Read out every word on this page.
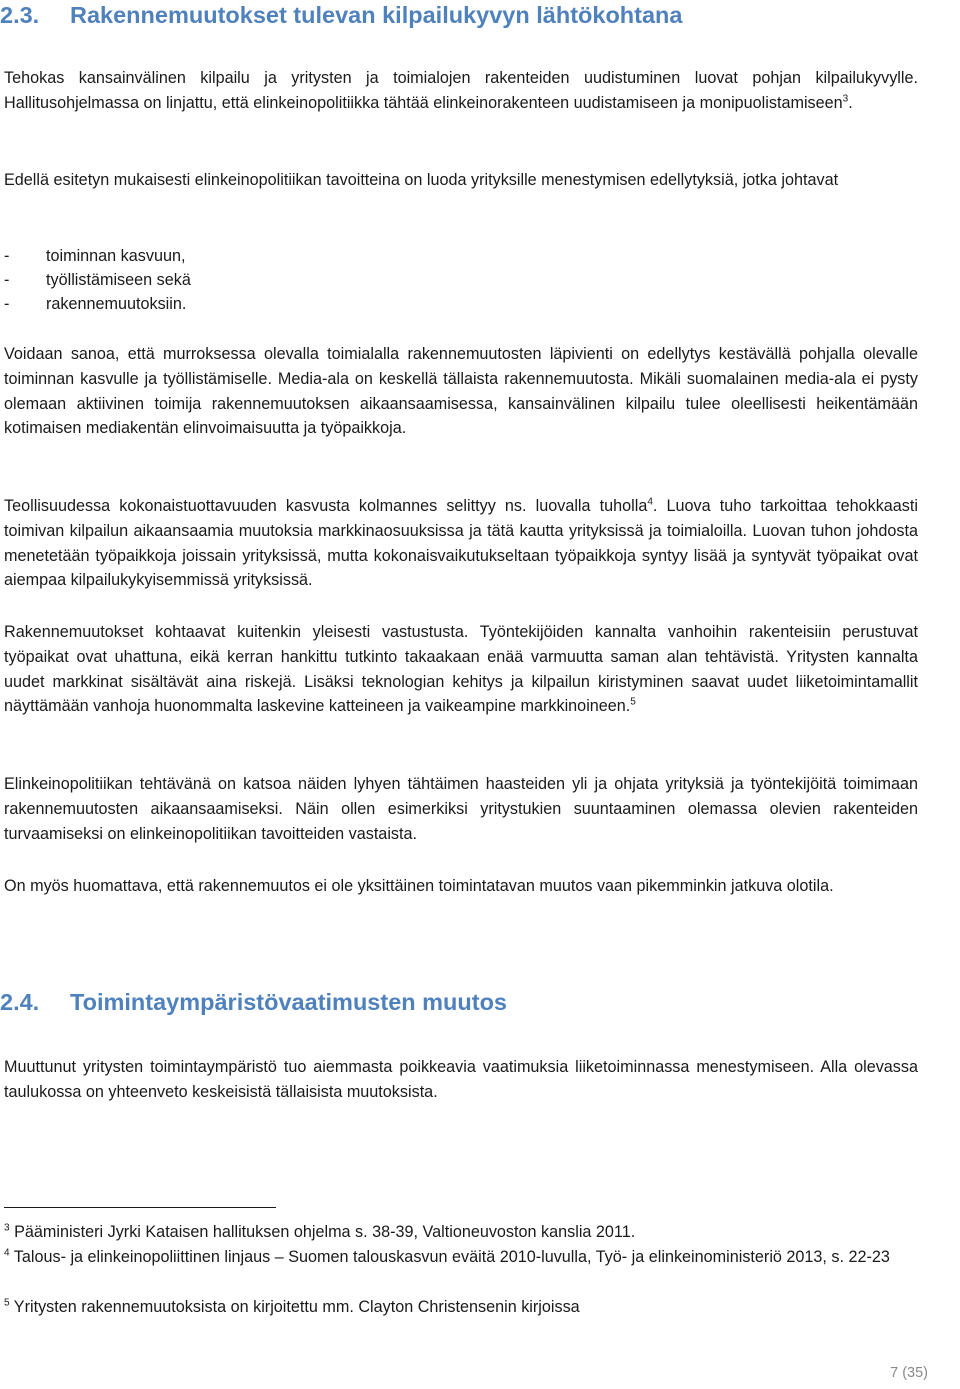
2.3. Rakennemuutokset tulevan kilpailukyvyn lähtökohtana

Tehokas kansainvälinen kilpailu ja yritysten ja toimialojen rakenteiden uudistuminen luovat pohjan kilpailukyvylle. Hallitusohjelmassa on linjattu, että elinkeinopolitiikka tähtää elinkeinorakenteen uudistamiseen ja monipuolistamiseen$^3$.

Edellä esitetyn mukaisesti elinkeinopolitiikan tavoitteina on luoda yrityksille menestymisen edellytyksiä, jotka johtavat

- toiminnan kasvuun,
- työllistämiseen sekä
- rakennemuutoksiin.

Voidaan sanoa, että murroksessa olevalla toimialalla rakennemuutosten läpivienti on edellytys kestävällä pohjalla olevalle toiminnan kasvulle ja työllistämiselle. Media-ala on keskellä tällaista rakennemuutosta. Mikäli suomalainen media-ala ei pysty olemaan aktiivinen toimija rakennemuutoksen aikaansaamisessa, kansainvälinen kilpailu tulee oleellisesti heikentämään kotimaisen mediakentän elinvoimaisuutta ja työpaikkoja.

Teollisuudessa kokonaistuottavuuden kasvusta kolmannes selittyy ns. luovalla tuholla$^4$. Luova tuho tarkoittaa tehokkaasti toimivan kilpailun aikaansaamia muutoksia markkinaosuuksissa ja tätä kautta yrityksissä ja toimialoilla. Luovan tuhon johdosta menetetään työpaikkoja joissain yrityksissä, mutta kokonaisvaikutukseltaan työpaikkoja syntyy lisää ja syntyvät työpaikat ovat aiempaa kilpailukykyisemmissä yrityksissä.

Rakennemuutokset kohtaavat kuitenkin yleisesti vastustusta. Työntekijöiden kannalta vanhoihin rakenteisiin perustuvat työpaikat ovat uhattuna, eikä kerran hankittu tutkinto takaakaan enää varmuutta saman alan tehtävistä. Yritysten kannalta uudet markkinat sisältävät aina riskejä. Lisäksi teknologian kehitys ja kilpailun kiristyminen saavat uudet liiketoimintamallit näyttämään vanhoja huonommalta laskevine katteineen ja vaikeampine markkinoineen.$^5$

Elinkeinopolitiikan tehtävänä on katsoa näiden lyhyen tähtäimen haasteiden yli ja ohjata yrityksiä ja työntekijöitä toimimaan rakennemuutosten aikaansaamiseksi. Näin ollen esimerkiksi yritystukien suuntaaminen olemassa olevien rakenteiden turvaamiseksi on elinkeinopolitiikan tavoitteiden vastaista.

On myös huomattava, että rakennemuutos ei ole yksittäinen toimintatavan muutos vaan pikemminkin jatkuva olotila.

2.4. Toimintaympäristövaatimusten muutos

Muuttunut yritysten toimintaympäristö tuo aiemmasta poikkeavia vaatimuksia liiketoiminnassa menestymiseen. Alla olevassa taulukossa on yhteenveto keskeisistä tällaisista muutoksista.

$^3$ Pääministeri Jyrki Kataisen hallituksen ohjelma s. 38-39, Valtioneuvoston kanslia 2011.

$^4$ Talous- ja elinkeinopoliittinen linjaus – Suomen talouskasvun eväitä 2010-luvulla, Työ- ja elinkeinoministeriö 2013, s. 22-23

$^5$ Yritysten rakennemuutoksista on kirjoitettu mm. Clayton Christensenin kirjoissa

7 (35)
